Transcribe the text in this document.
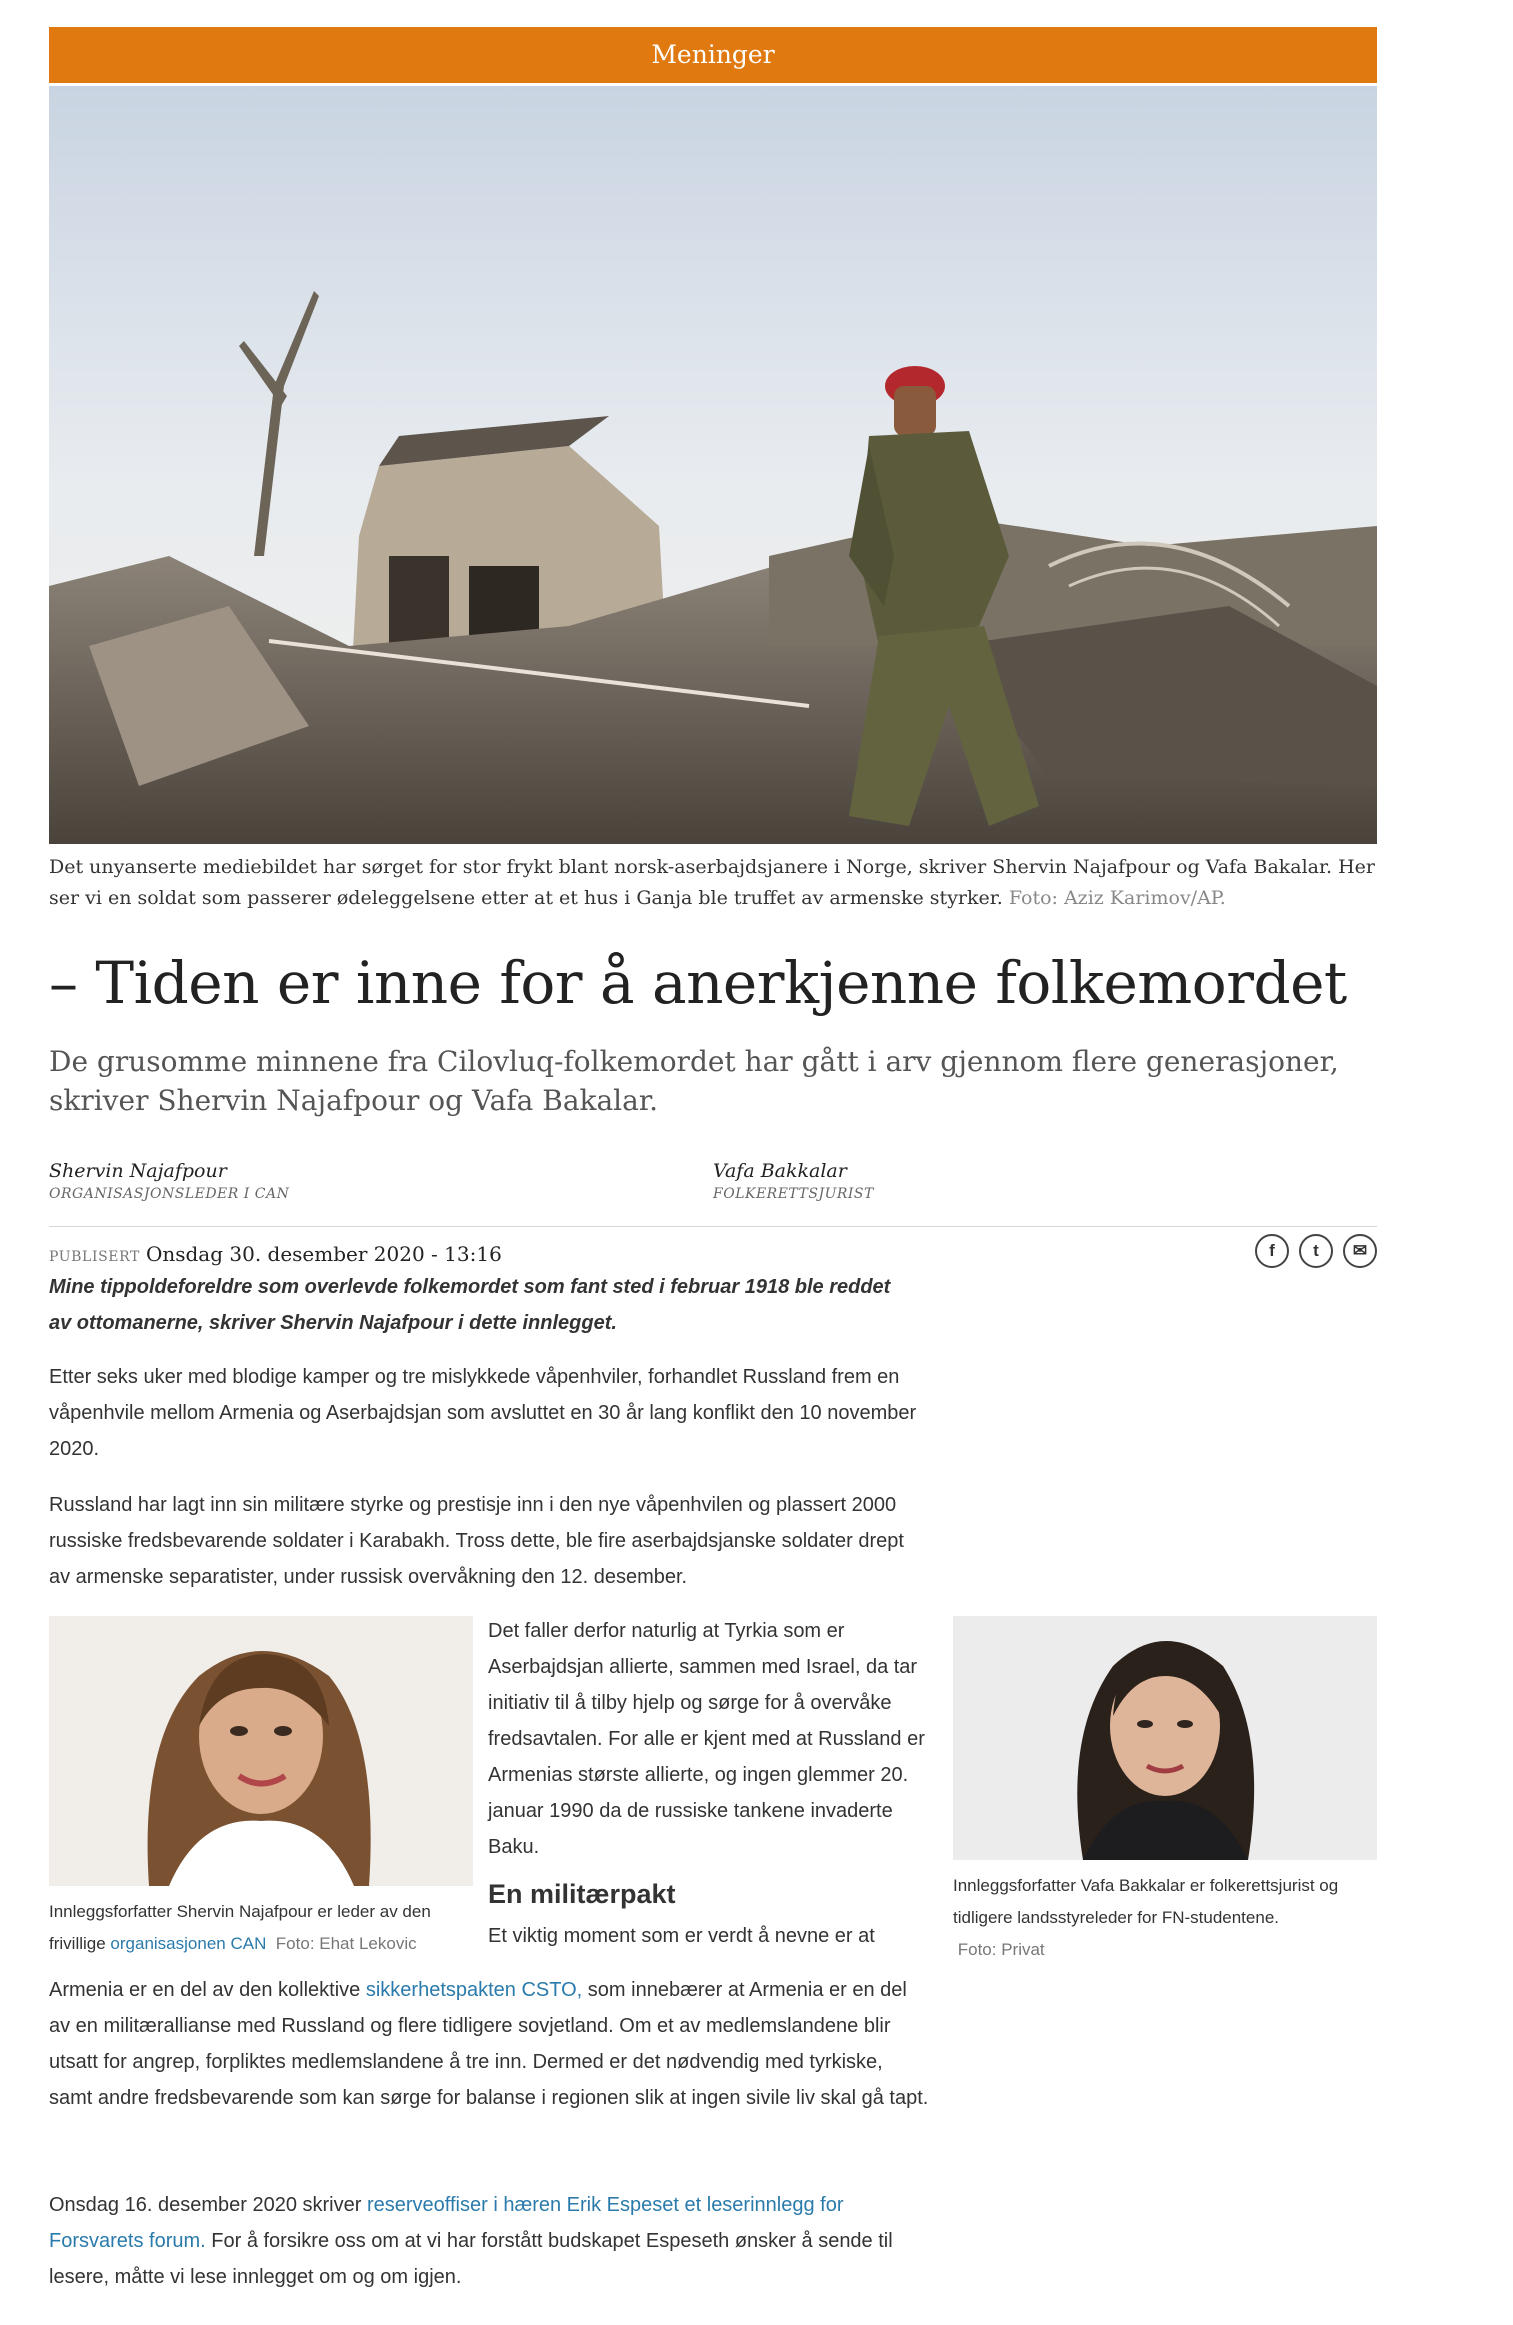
Meninger
Det unyanserte mediebildet har sørget for stor frykt blant norsk-aserbajdsjanere i Norge, skriver Shervin Najafpour og Vafa Bakalar. Her ser vi en soldat som passerer ødeleggelsene etter at et hus i Ganja ble truffet av armenske styrker. Foto: Aziz Karimov/AP.
– Tiden er inne for å anerkjenne folkemordet
De grusomme minnene fra Cilovluq-folkemordet har gått i arv gjennom flere generasjoner, skriver Shervin Najafpour og Vafa Bakalar.
Shervin Najafpour
ORGANISASJONSLEDER I CAN
Vafa Bakkalar
FOLKERETTSJURIST
PUBLISERT Onsdag 30. desember 2020 - 13:16	f t ✉
Mine tippoldeforeldre som overlevde folkemordet som fant sted i februar 1918 ble reddet av ottomanerne, skriver Shervin Najafpour i dette innlegget.
Etter seks uker med blodige kamper og tre mislykkede våpenhviler, forhandlet Russland frem en våpenhvile mellom Armenia og Aserbajdsjan som avsluttet en 30 år lang konflikt den 10 november 2020.
Russland har lagt inn sin militære styrke og prestisje inn i den nye våpenhvilen og plassert 2000 russiske fredsbevarende soldater i Karabakh. Tross dette, ble fire aserbajdsjanske soldater drept av armenske separatister, under russisk overvåkning den 12. desember.
Innleggsforfatter Shervin Najafpour er leder av den frivillige organisasjonen CAN Foto: Ehat Lekovic
Det faller derfor naturlig at Tyrkia som er Aserbajdsjan allierte, sammen med Israel, da tar initiativ til å tilby hjelp og sørge for å overvåke fredsavtalen. For alle er kjent med at Russland er Armenias største allierte, og ingen glemmer 20. januar 1990 da de russiske tankene invaderte Baku.
En militærpakt
Et viktig moment som er verdt å nevne er at
Armenia er en del av den kollektive sikkerhetspakten CSTO, som innebærer at Armenia er en del av en militærallianse med Russland og flere tidligere sovjetland. Om et av medlemslandene blir utsatt for angrep, forpliktes medlemslandene å tre inn. Dermed er det nødvendig med tyrkiske, samt andre fredsbevarende som kan sørge for balanse i regionen slik at ingen sivile liv skal gå tapt.
Onsdag 16. desember 2020 skriver reserveoffiser i hæren Erik Espeset et leserinnlegg for Forsvarets forum. For å forsikre oss om at vi har forstått budskapet Espeseth ønsker å sende til lesere, måtte vi lese innlegget om og om igjen.
Innleggsforfatter Vafa Bakkalar er folkerettsjurist og tidligere landsstyreleder for FN-studentene.
Foto: Privat
